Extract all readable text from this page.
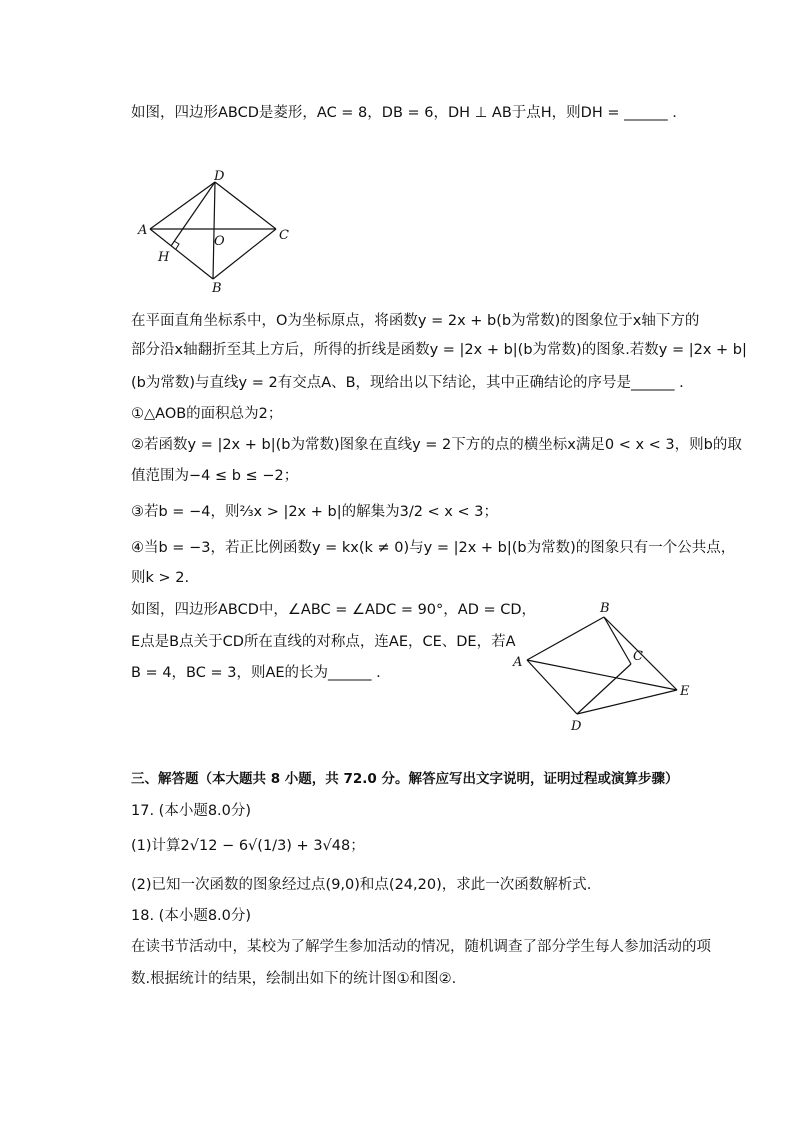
如图，四边形ABCD是菱形，AC = 8，DB = 6，DH ⊥ AB于点H，则DH = ______ .
A
D
C
B
O
H
在平面直角坐标系中，O为坐标原点，将函数y = 2x + b(b为常数)的图象位于x轴下方的
部分沿x轴翻折至其上方后，所得的折线是函数y = |2x + b|(b为常数)的图象.若数y = |2x + b|
(b为常数)与直线y = 2有交点A、B，现给出以下结论，其中正确结论的序号是______ .
①△AOB的面积总为2；
②若函数y = |2x + b|(b为常数)图象在直线y = 2下方的点的横坐标x满足0 < x < 3，则b的取
值范围为−4 ≤ b ≤ −2；
③若b = −4，则⅔x > |2x + b|的解集为3/2 < x < 3；
④当b = −3，若正比例函数y = kx(k ≠ 0)与y = |2x + b|(b为常数)的图象只有一个公共点，
则k > 2.
如图，四边形ABCD中，∠ABC = ∠ADC = 90°，AD = CD，
E点是B点关于CD所在直线的对称点，连AE，CE、DE，若A
B = 4，BC = 3，则AE的长为______ .
B
A	C
E
D
三、解答题（本大题共 8 小题，共 72.0 分。解答应写出文字说明，证明过程或演算步骤）
17. (本小题8.0分)
(1)计算2√12 − 6√(1/3) + 3√48；
(2)已知一次函数的图象经过点(9,0)和点(24,20)，求此一次函数解析式.
18. (本小题8.0分)
在读书节活动中，某校为了解学生参加活动的情况，随机调查了部分学生每人参加活动的项
数.根据统计的结果，绘制出如下的统计图①和图②.
